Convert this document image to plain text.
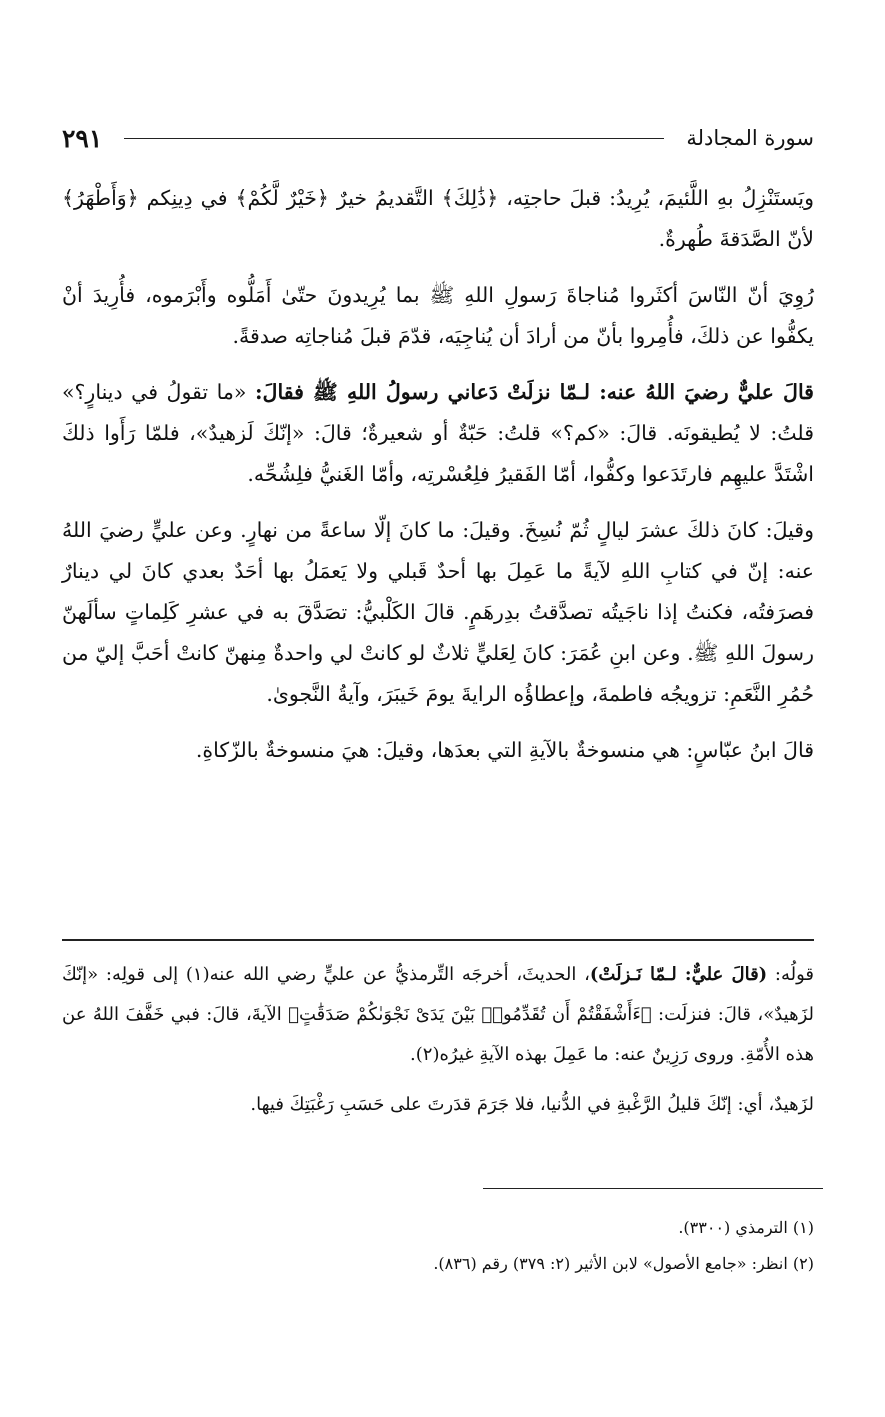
سورة المجادلة
٢٩١

ويَستَنْزِلُ بهِ اللَّئيمَ، يُرِيدُ: قبلَ حاجتِه، ﴿ذَٰلِكَ﴾ التَّقديمُ خيرٌ ﴿خَيْرٌ لَّكُمْ﴾ في دِينِكم ﴿وَأَطْهَرُ﴾ لأنّ الصَّدَقةَ طُهرةٌ.

رُوِيَ أنّ النّاسَ أكثَروا مُناجاةَ رَسولِ اللهِ ﷺ بما يُرِيدونَ حتّىٰ أَمَلُّوه وأَبْرَموه، فأُرِيدَ أنْ يكفُّوا عن ذلكَ، فأُمِروا بأنّ من أرادَ أن يُناجِيَه، قدّمَ قبلَ مُناجاتِه صدقةً.

قالَ عليٌّ رضيَ اللهُ عنه: لـمّا نزلَتْ دَعاني رسولُ اللهِ ﷺ فقالَ: «ما تقولُ في دينارٍ؟» قلتُ: لا يُطيقونَه. قالَ: «كم؟» قلتُ: حَبّةٌ أو شعيرةٌ؛ قالَ: «إنّكَ لَزهيدٌ»، فلمّا رَأَوا ذلكَ اشْتَدَّ عليهِم فارتَدَعوا وكفُّوا، أمّا الفَقيرُ فلِعُسْرتِه، وأمّا الغَنيُّ فلِشُحِّه.

وقيلَ: كانَ ذلكَ عشرَ ليالٍ ثُمّ نُسِخَ. وقيلَ: ما كانَ إلّا ساعةً من نهارٍ. وعن عليٍّ رضيَ اللهُ عنه: إنّ في كتابِ اللهِ لآيةً ما عَمِلَ بها أحدٌ قَبلي ولا يَعمَلُ بها أحَدٌ بعدي كانَ لي دينارٌ فصرَفتُه، فكنتُ إذا ناجَيتُه تصدَّقتُ بدِرهَمٍ. قالَ الكَلْبيُّ: تصَدَّقَ به في عشرِ كَلِماتٍ سألَهنّ رسولَ اللهِ ﷺ. وعن ابنِ عُمَرَ: كانَ لِعَليٍّ ثلاثٌ لو كانتْ لي واحدةٌ مِنهنّ كانتْ أحَبَّ إليّ من حُمُرِ النَّعَمِ: تزويجُه فاطمةَ، وإعطاؤُه الرايةَ يومَ خَيبَرَ، وآيةُ النَّجوىٰ.

قالَ ابنُ عبّاسٍ: هي منسوخةٌ بالآيةِ التي بعدَها، وقيلَ: هيَ منسوخةٌ بالزّكاةِ.

قولُه: (قالَ عليٌّ: لـمّا نَـزلَتْ)، الحديثَ، أخرجَه التِّرمذيُّ عن عليٍّ رضي الله عنه(١) إلى قولِه: «إنّكَ لزَهيدٌ»، قالَ: فنزلَت: ﴿ءَأَشْفَقْتُمْ أَن تُقَدِّمُوا۟ بَيْنَ يَدَىْ نَجْوَىٰكُمْ صَدَقَٰتٍ﴾ الآيةَ، قالَ: فبي خَفَّفَ اللهُ عن هذه الأُمّةِ. وروى رَزِينٌ عنه: ما عَمِلَ بهذه الآيةِ غيرُه(٢).

لزَهيدٌ، أي: إنّكَ قليلُ الرَّغْبةِ في الدُّنيا، فلا جَرَمَ قدَرتَ على حَسَبِ رَغْبَتِكَ فيها.

(١) الترمذي (٣٣٠٠).

(٢) انظر: «جامع الأصول» لابن الأثير (٢: ٣٧٩) رقم (٨٣٦).
